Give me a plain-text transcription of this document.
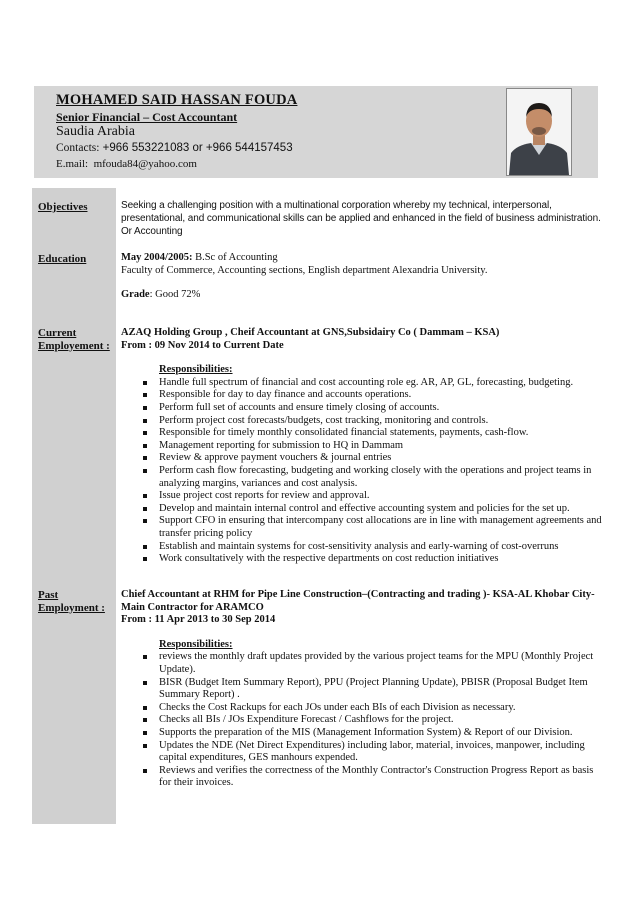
MOHAMED SAID HASSAN FOUDA
Senior Financial – Cost Accountant
Saudia Arabia
Contacts: +966 553221083 or +966 544157453
E.mail: mfouda84@yahoo.com
Objectives	Seeking a challenging position with a multinational corporation whereby my technical, interpersonal, presentational, and communicational skills can be applied and enhanced in the field of business administration. Or Accounting
Education	May 2004/2005: B.Sc of Accounting

Faculty of Commerce, Accounting sections, English department Alexandria University.

Grade: Good 72%

Current
Employement :

AZAQ Holding Group , Cheif Accountant at GNS,Subsidairy Co ( Dammam – KSA)

From : 09 Nov 2014 to Current Date

Responsibilities:

Handle full spectrum of financial and cost accounting role eg. AR, AP, GL, forecasting, budgeting.
Responsible for day to day finance and accounts operations.
Perform full set of accounts and ensure timely closing of accounts.
Perform project cost forecasts/budgets, cost tracking, monitoring and controls.
Responsible for timely monthly consolidated financial statements, payments, cash-flow.
Management reporting for submission to HQ in Dammam
Review & approve payment vouchers & journal entries
Perform cash flow forecasting, budgeting and working closely with the operations and project teams in analyzing margins, variances and cost analysis.
Issue project cost reports for review and approval.
Develop and maintain internal control and effective accounting system and policies for the set up.
Support CFO in ensuring that intercompany cost allocations are in line with management agreements and transfer pricing policy
Establish and maintain systems for cost-sensitivity analysis and early-warning of cost-overruns
Work consultatively with the respective departments on cost reduction initiatives
Past
Employment :

Chief Accountant at RHM for Pipe Line Construction–(Contracting and trading )- KSA-AL Khobar City- Main Contractor for ARAMCO

From : 11 Apr 2013 to 30 Sep 2014

Responsibilities:

reviews the monthly draft updates provided by the various project teams for the MPU (Monthly Project Update).
BISR (Budget Item Summary Report), PPU (Project Planning Update), PBISR (Proposal Budget Item Summary Report) .
Checks the Cost Rackups for each JOs under each BIs of each Division as necessary.
Checks all BIs / JOs Expenditure Forecast / Cashflows for the project.
Supports the preparation of the MIS (Management Information System) & Report of our Division.
Updates the NDE (Net Direct Expenditures) including labor, material, invoices, manpower, including capital expenditures, GES manhours expended.
Reviews and verifies the correctness of the Monthly Contractor's Construction Progress Report as basis for their invoices.
